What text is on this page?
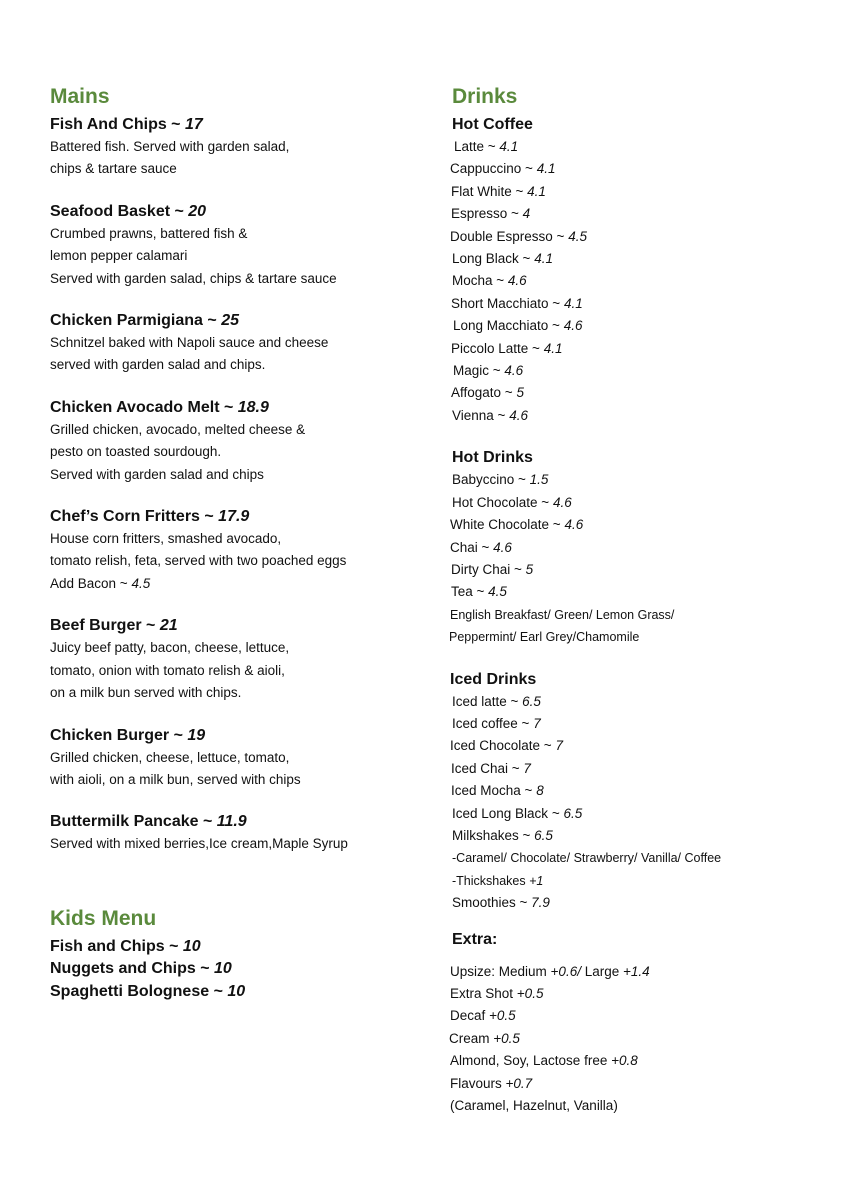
Mains
Fish And Chips ~ 17
Battered fish. Served with garden salad,
chips & tartare sauce
Seafood Basket ~ 20
Crumbed prawns, battered fish &
lemon pepper calamari
Served with garden salad, chips & tartare sauce
Chicken Parmigiana ~ 25
Schnitzel baked with Napoli sauce and cheese
served with garden salad and chips.
Chicken Avocado Melt ~ 18.9
Grilled chicken, avocado, melted cheese &
pesto on toasted sourdough.
Served with garden salad and chips
Chef’s Corn Fritters ~ 17.9
House corn fritters, smashed avocado,
tomato relish, feta, served with two poached eggs
Add Bacon ~ 4.5
Beef Burger ~ 21
Juicy beef patty, bacon, cheese, lettuce,
tomato, onion with tomato relish & aioli,
on a milk bun served with chips.
Chicken Burger ~ 19
Grilled chicken, cheese, lettuce, tomato,
with aioli, on a milk bun, served with chips
Buttermilk Pancake ~ 11.9
Served with mixed berries,Ice cream,Maple Syrup
Kids Menu
Fish and Chips ~ 10
Nuggets and Chips ~ 10
Spaghetti Bolognese ~ 10
Drinks
Hot Coffee
Latte ~ 4.1
Cappuccino ~ 4.1
Flat White ~ 4.1
Espresso ~ 4
Double Espresso ~ 4.5
Long Black ~ 4.1
Mocha ~ 4.6
Short Macchiato ~ 4.1
Long Macchiato ~ 4.6
Piccolo Latte ~ 4.1
Magic ~ 4.6
Affogato ~ 5
Vienna ~ 4.6
Hot Drinks
Babyccino ~ 1.5
Hot Chocolate ~ 4.6
White Chocolate ~ 4.6
Chai ~ 4.6
Dirty Chai ~ 5
Tea ~ 4.5
English Breakfast/ Green/ Lemon Grass/
Peppermint/ Earl Grey/Chamomile
Iced Drinks
Iced latte ~ 6.5
Iced coffee ~ 7
Iced Chocolate ~ 7
Iced Chai ~ 7
Iced Mocha ~ 8
Iced Long Black ~ 6.5
Milkshakes ~ 6.5
-Caramel/ Chocolate/ Strawberry/ Vanilla/ Coffee
-Thickshakes +1
Smoothies ~ 7.9
Extra:
Upsize: Medium +0.6/ Large +1.4
Extra Shot +0.5
Decaf +0.5
Cream +0.5
Almond, Soy, Lactose free +0.8
Flavours +0.7
(Caramel, Hazelnut, Vanilla)
